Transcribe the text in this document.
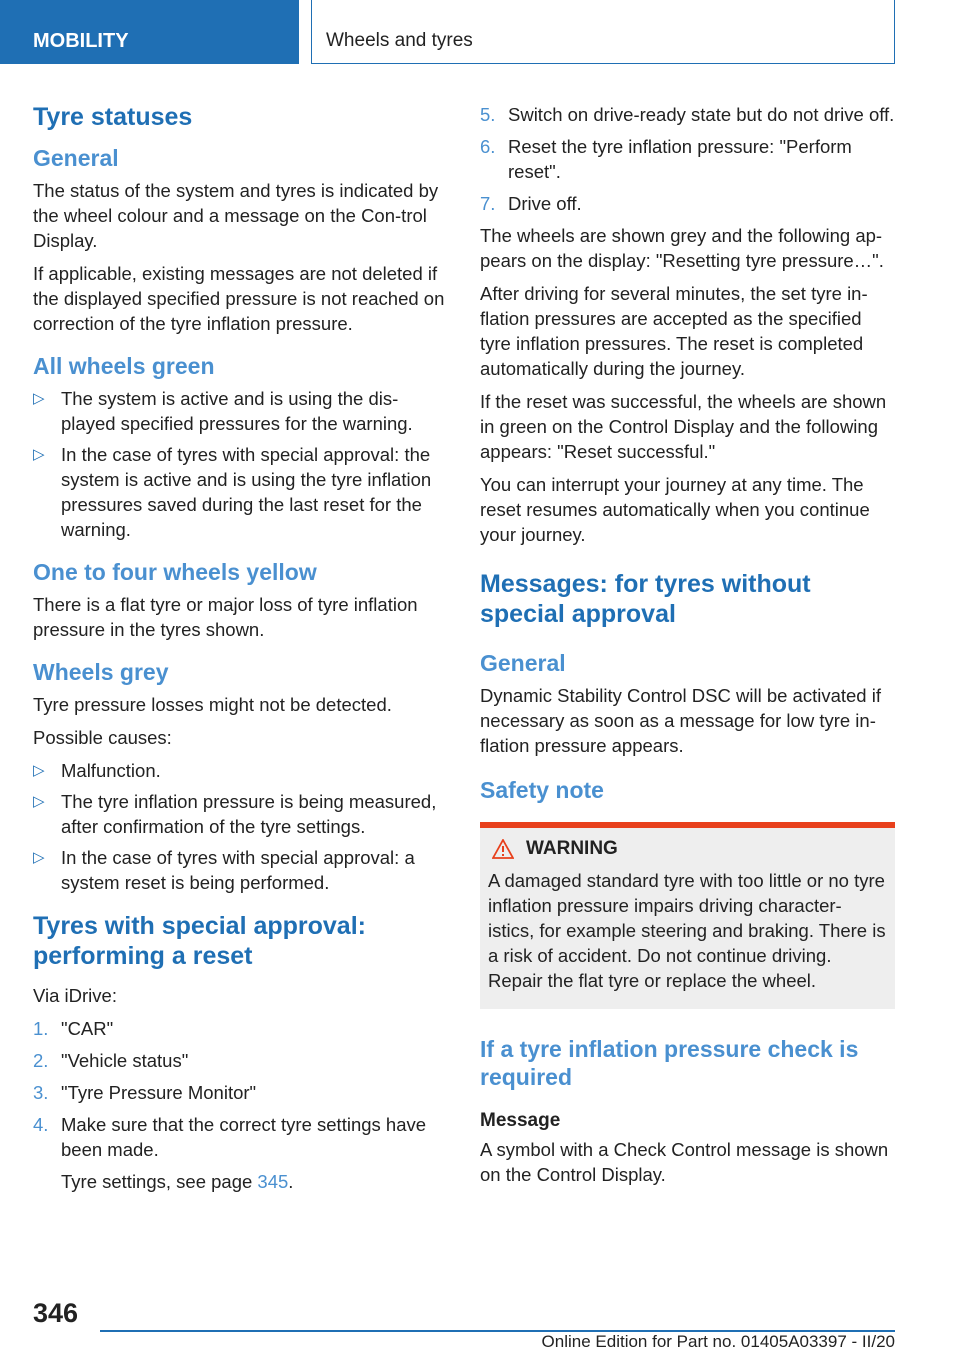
MOBILITY	Wheels and tyres
Tyre statuses
General

The status of the system and tyres is indicated by the wheel colour and a message on the Con-trol Display.

If applicable, existing messages are not deleted if the displayed specified pressure is not reached on correction of the tyre inflation pressure.

All wheels green
▷ The system is active and is using the dis-played specified pressures for the warning.
▷ In the case of tyres with special approval: the system is active and is using the tyre inflation pressures saved during the last reset for the warning.
One to four wheels yellow

There is a flat tyre or major loss of tyre inflation pressure in the tyres shown.

Wheels grey

Tyre pressure losses might not be detected.

Possible causes:

▷ Malfunction.
▷ The tyre inflation pressure is being measured, after confirmation of the tyre settings.
▷ In the case of tyres with special approval: a system reset is being performed.
Tyres with special approval: performing a reset

Via iDrive:

1. "CAR"
2. "Vehicle status"
3. "Tyre Pressure Monitor"
4. Make sure that the correct tyre settings have been made.
Tyre settings, see page 345.
5. Switch on drive-ready state but do not drive off.
6. Reset the tyre inflation pressure: "Perform reset".
7. Drive off.

The wheels are shown grey and the following ap-pears on the display: "Resetting tyre pressure…".

After driving for several minutes, the set tyre in-flation pressures are accepted as the specified tyre inflation pressures. The reset is completed automatically during the journey.

If the reset was successful, the wheels are shown in green on the Control Display and the following appears: "Reset successful."

You can interrupt your journey at any time. The reset resumes automatically when you continue your journey.

Messages: for tyres without special approval
General

Dynamic Stability Control DSC will be activated if necessary as soon as a message for low tyre in-flation pressure appears.

Safety note
WARNING

A damaged standard tyre with too little or no tyre inflation pressure impairs driving character-istics, for example steering and braking. There is a risk of accident. Do not continue driving. Repair the flat tyre or replace the wheel.

If a tyre inflation pressure check is required
Message

A symbol with a Check Control message is shown on the Control Display.

346
Online Edition for Part no. 01405A03397 - II/20
